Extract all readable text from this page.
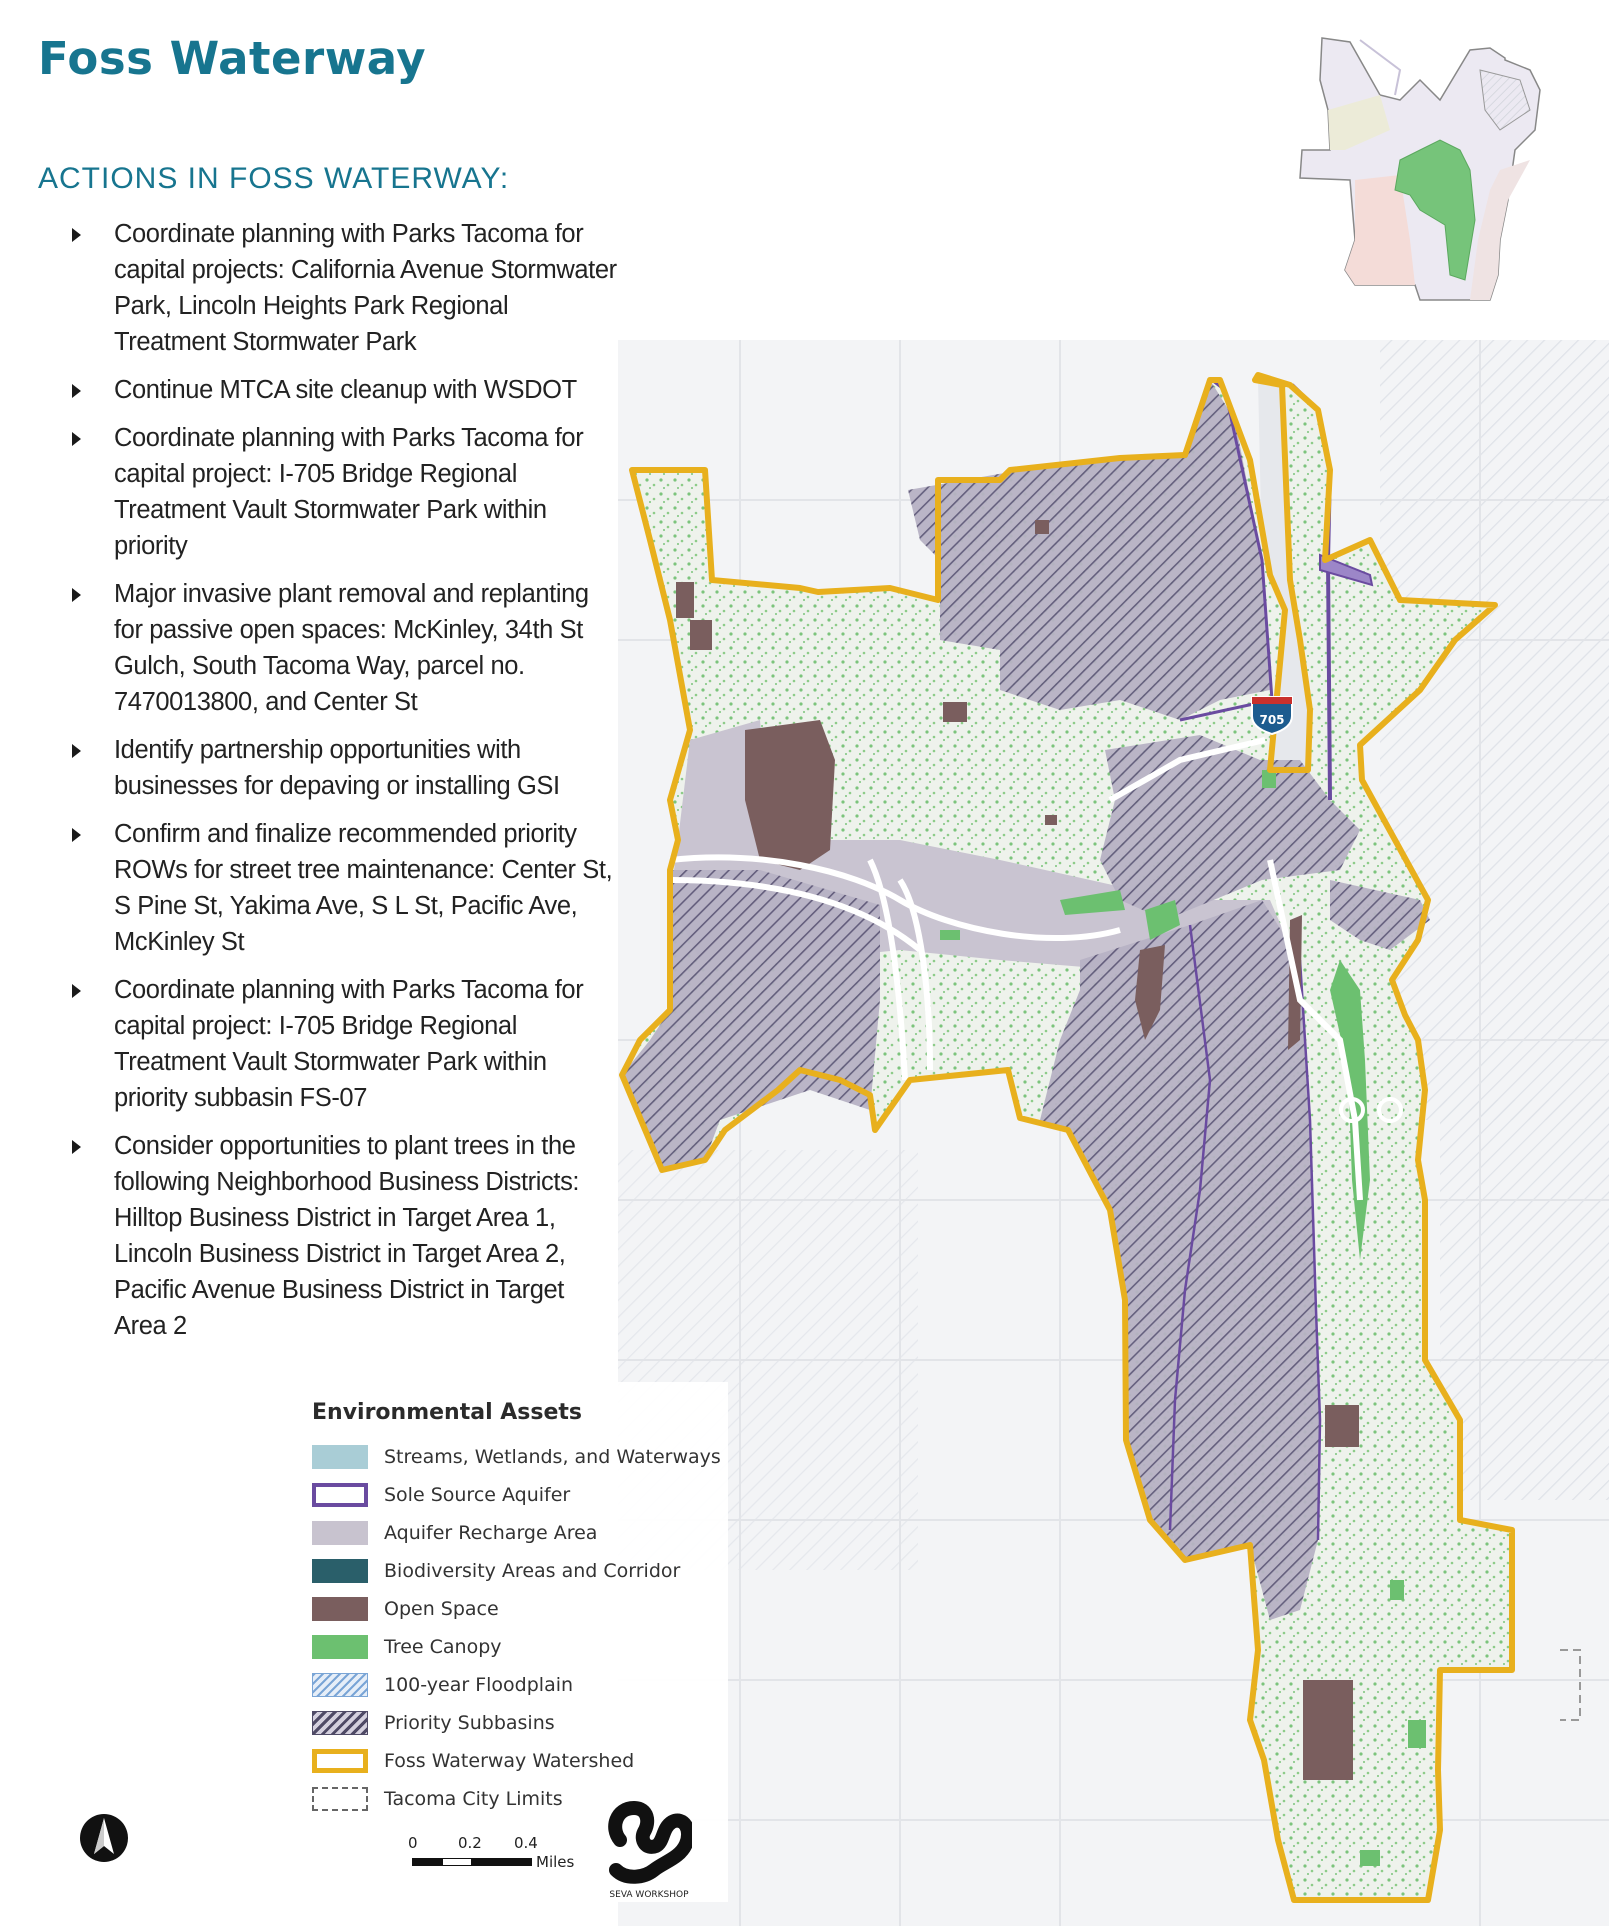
Foss Waterway
ACTIONS IN FOSS WATERWAY:
Coordinate planning with Parks Tacoma for capital projects: California Avenue Stormwater Park, Lincoln Heights Park Regional Treatment Stormwater Park
Continue MTCA site cleanup with WSDOT
Coordinate planning with Parks Tacoma for capital project: I-705 Bridge Regional Treatment Vault Stormwater Park within priority
Major invasive plant removal and replanting for passive open spaces: McKinley, 34th St Gulch, South Tacoma Way, parcel no. 7470013800, and Center St
Identify partnership opportunities with businesses for depaving or installing GSI
Confirm and finalize recommended priority ROWs for street tree maintenance: Center St, S Pine St, Yakima Ave, S L St, Pacific Ave, McKinley St
Coordinate planning with Parks Tacoma for capital project: I-705 Bridge Regional Treatment Vault Stormwater Park within priority subbasin FS-07
Consider opportunities to plant trees in the following Neighborhood Business Districts: Hilltop Business District in Target Area 1, Lincoln Business District in Target Area 2, Pacific Avenue Business District in Target Area 2
705
Environmental Assets
Streams, Wetlands, and Waterways
Sole Source Aquifer
Aquifer Recharge Area
Biodiversity Areas and Corridor
Open Space
Tree Canopy
100-year Floodplain
Priority Subbasins
Foss Waterway Watershed
Tacoma City Limits
0	0.2 0.4
Miles
SEVA WORKSHOP
